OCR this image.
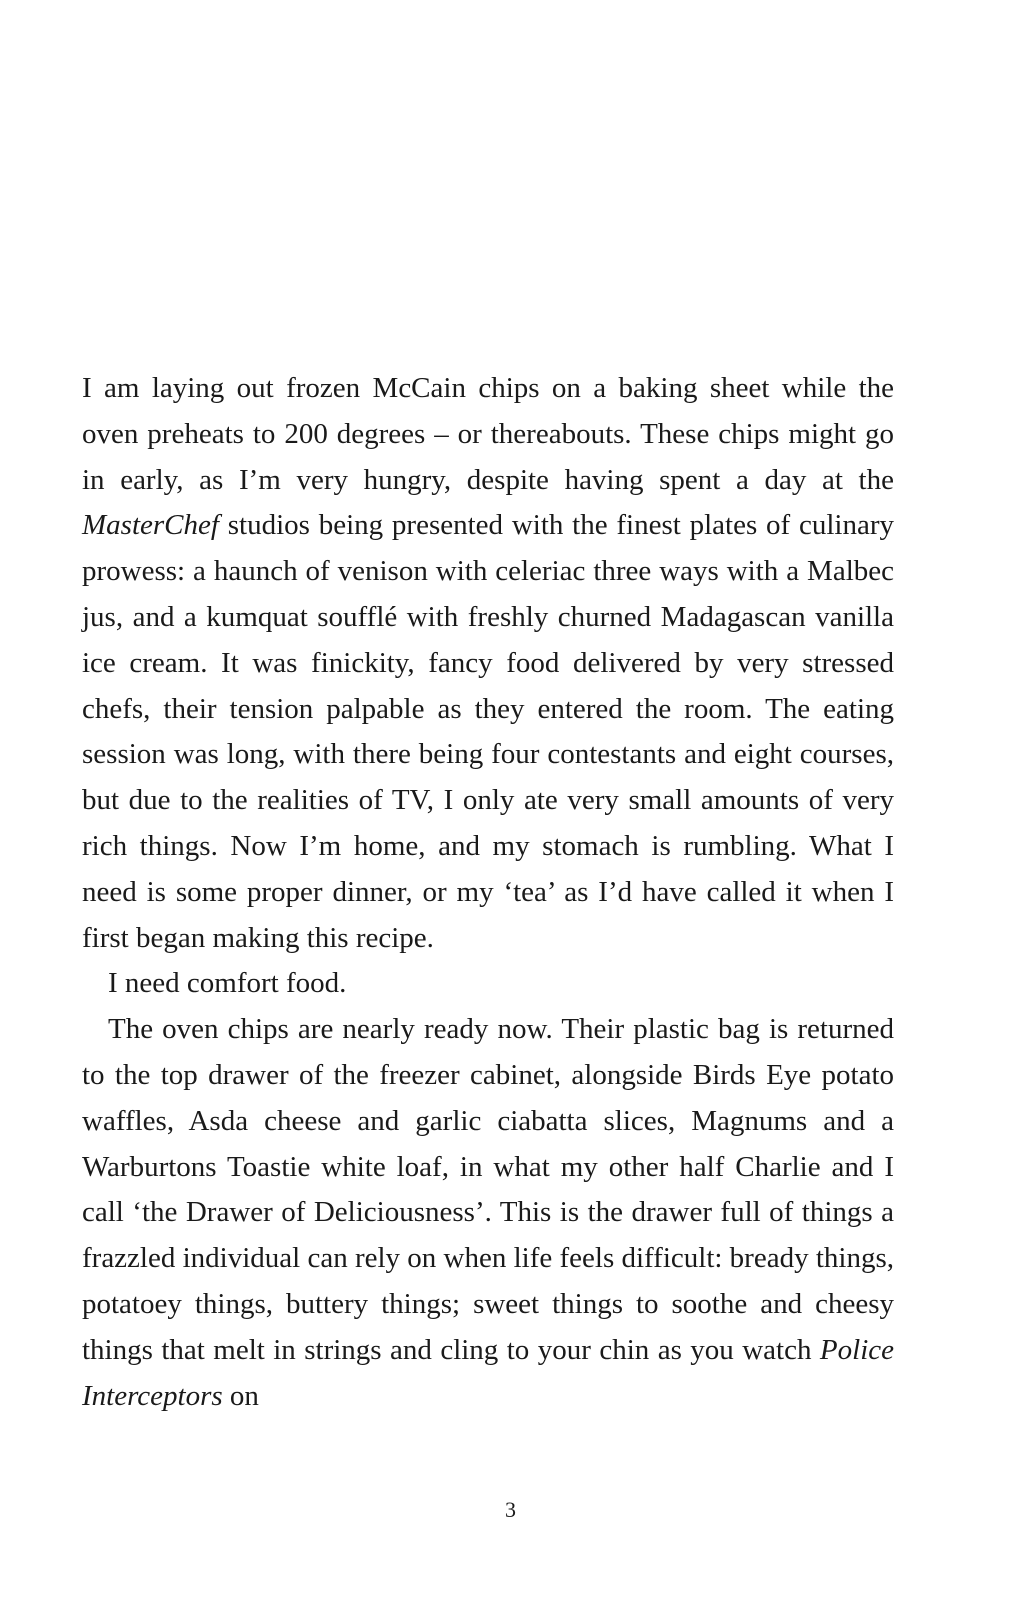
I am laying out frozen McCain chips on a baking sheet while the oven preheats to 200 degrees – or thereabouts. These chips might go in early, as I’m very hungry, despite having spent a day at the MasterChef studios being presented with the finest plates of culinary prowess: a haunch of venison with celeriac three ways with a Malbec jus, and a kumquat soufflé with freshly churned Madagascan vanilla ice cream. It was finickity, fancy food delivered by very stressed chefs, their tension palpable as they entered the room. The eating session was long, with there being four contestants and eight courses, but due to the realities of TV, I only ate very small amounts of very rich things. Now I’m home, and my stomach is rumbling. What I need is some proper dinner, or my ‘tea’ as I’d have called it when I first began making this recipe.

I need comfort food.

The oven chips are nearly ready now. Their plastic bag is returned to the top drawer of the freezer cabinet, alongside Birds Eye potato waffles, Asda cheese and garlic ciabatta slices, Magnums and a Warburtons Toastie white loaf, in what my other half Charlie and I call ‘the Drawer of Deliciousness’. This is the drawer full of things a frazzled individual can rely on when life feels difficult: bready things, potatoey things, buttery things; sweet things to soothe and cheesy things that melt in strings and cling to your chin as you watch Police Interceptors on

3
